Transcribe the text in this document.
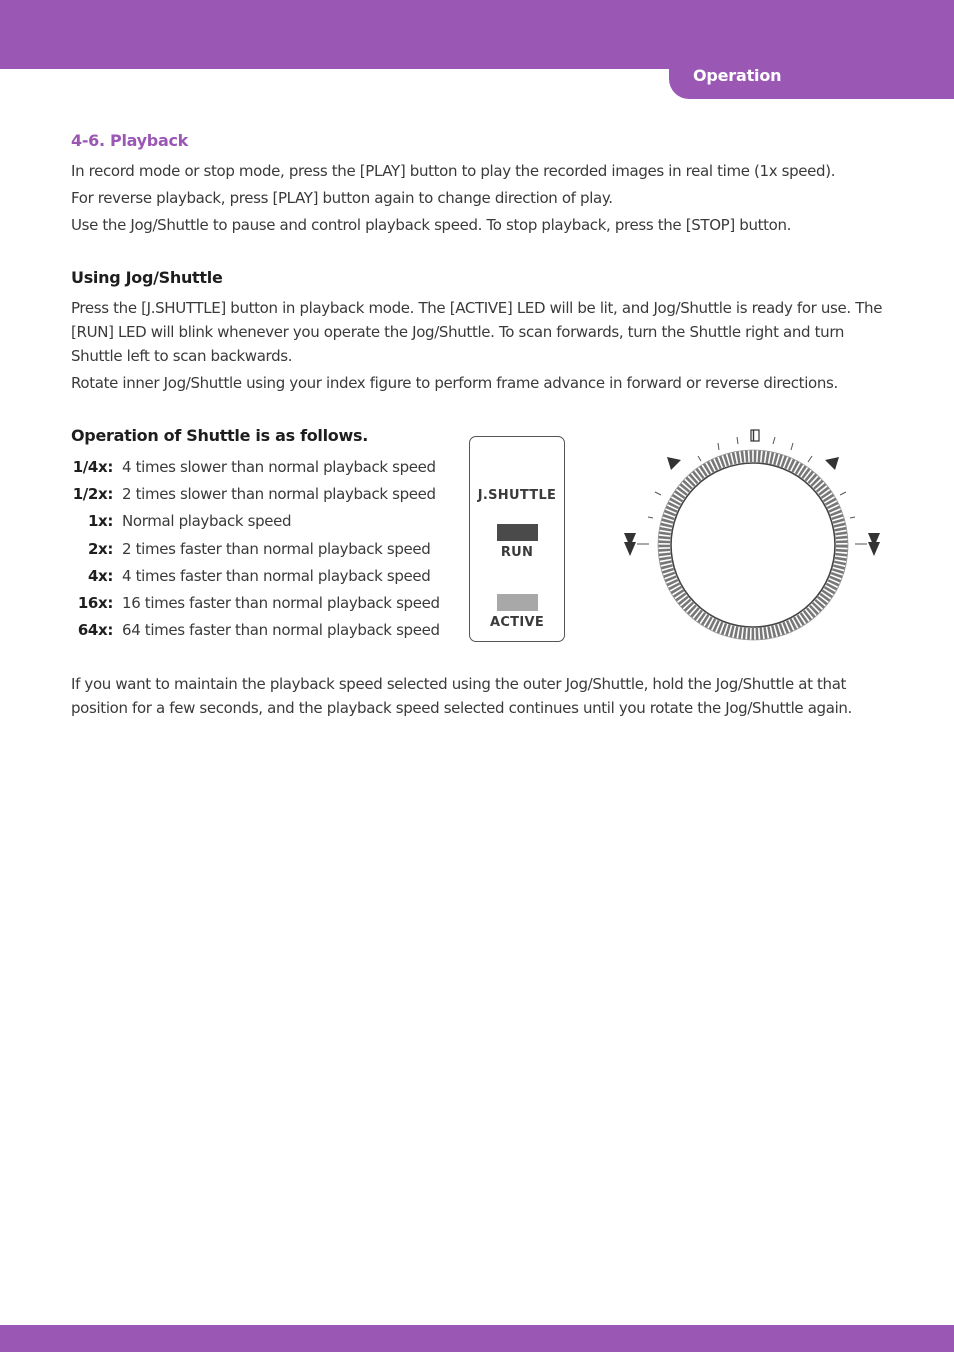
Operation
4-6. Playback
In record mode or stop mode, press the [PLAY] button to play the recorded images in real time (1x speed).
For reverse playback, press [PLAY] button again to change direction of play.
Use the Jog/Shuttle to pause and control playback speed. To stop playback, press the [STOP] button.
Using Jog/Shuttle
Press the [J.SHUTTLE] button in playback mode. The [ACTIVE] LED will be lit, and Jog/Shuttle is ready for use. The [RUN] LED will blink whenever you operate the Jog/Shuttle. To scan forwards, turn the Shuttle right and turn Shuttle left to scan backwards.
Rotate inner Jog/Shuttle using your index figure to perform frame advance in forward or reverse directions.
Operation of Shuttle is as follows.
1/4x: 4 times slower than normal playback speed
1/2x: 2 times slower than normal playback speed
1x: Normal playback speed
2x: 2 times faster than normal playback speed
4x: 4 times faster than normal playback speed
16x: 16 times faster than normal playback speed
64x: 64 times faster than normal playback speed
J.SHUTTLE
RUN
ACTIVE
If you want to maintain the playback speed selected using the outer Jog/Shuttle, hold the Jog/Shuttle at that position for a few seconds, and the playback speed selected continues until you rotate the Jog/Shuttle again.
